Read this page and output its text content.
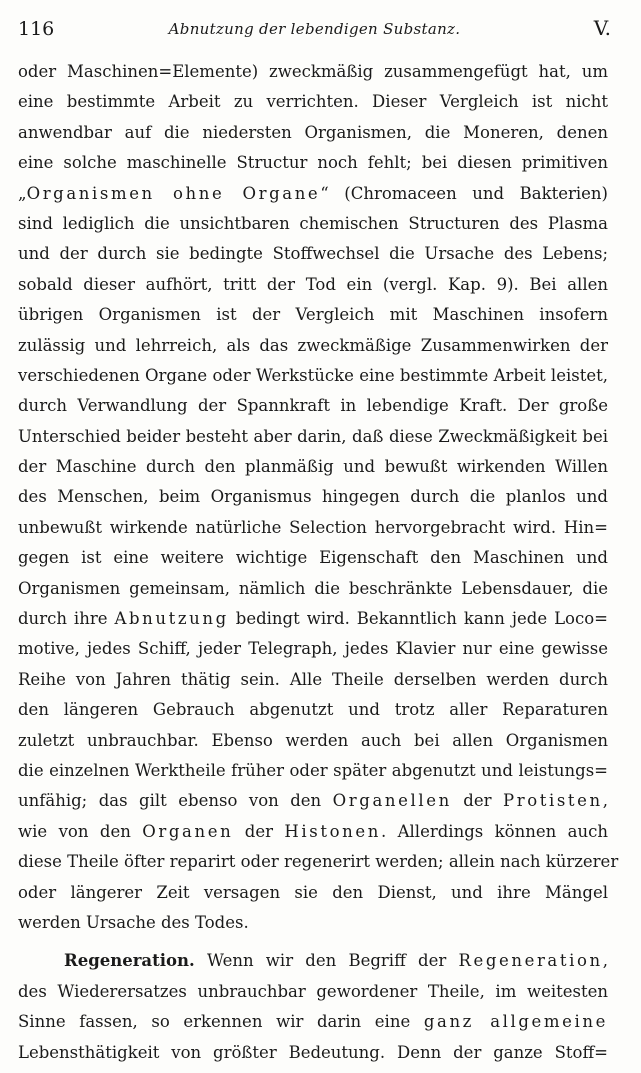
116	Abnutzung der lebendigen Substanz.	V.
oder Maschinen=Elemente) zweckmäßig zusammengefügt hat, um
eine bestimmte Arbeit zu verrichten. Dieser Vergleich ist nicht
anwendbar auf die niedersten Organismen, die Moneren, denen
eine solche maschinelle Structur noch fehlt; bei diesen primitiven
„Organismen ohne Organe“ (Chromaceen und Bakterien)
sind lediglich die unsichtbaren chemischen Structuren des Plasma
und der durch sie bedingte Stoffwechsel die Ursache des Lebens;
sobald dieser aufhört, tritt der Tod ein (vergl. Kap. 9). Bei allen
übrigen Organismen ist der Vergleich mit Maschinen insofern
zulässig und lehrreich, als das zweckmäßige Zusammenwirken der
verschiedenen Organe oder Werkstücke eine bestimmte Arbeit leistet,
durch Verwandlung der Spannkraft in lebendige Kraft. Der große
Unterschied beider besteht aber darin, daß diese Zweckmäßigkeit bei
der Maschine durch den planmäßig und bewußt wirkenden Willen
des Menschen, beim Organismus hingegen durch die planlos und
unbewußt wirkende natürliche Selection hervorgebracht wird. Hin=
gegen ist eine weitere wichtige Eigenschaft den Maschinen und
Organismen gemeinsam, nämlich die beschränkte Lebensdauer, die
durch ihre Abnutzung bedingt wird. Bekanntlich kann jede Loco=
motive, jedes Schiff, jeder Telegraph, jedes Klavier nur eine gewisse
Reihe von Jahren thätig sein. Alle Theile derselben werden durch
den längeren Gebrauch abgenutzt und trotz aller Reparaturen
zuletzt unbrauchbar. Ebenso werden auch bei allen Organismen
die einzelnen Werktheile früher oder später abgenutzt und leistungs=
unfähig; das gilt ebenso von den Organellen der Protisten,
wie von den Organen der Histonen. Allerdings können auch
diese Theile öfter reparirt oder regenerirt werden; allein nach kürzerer
oder längerer Zeit versagen sie den Dienst, und ihre Mängel
werden Ursache des Todes.
Regeneration. Wenn wir den Begriff der Regeneration,
des Wiederersatzes unbrauchbar gewordener Theile, im weitesten
Sinne fassen, so erkennen wir darin eine ganz allgemeine
Lebensthätigkeit von größter Bedeutung. Denn der ganze Stoff=
